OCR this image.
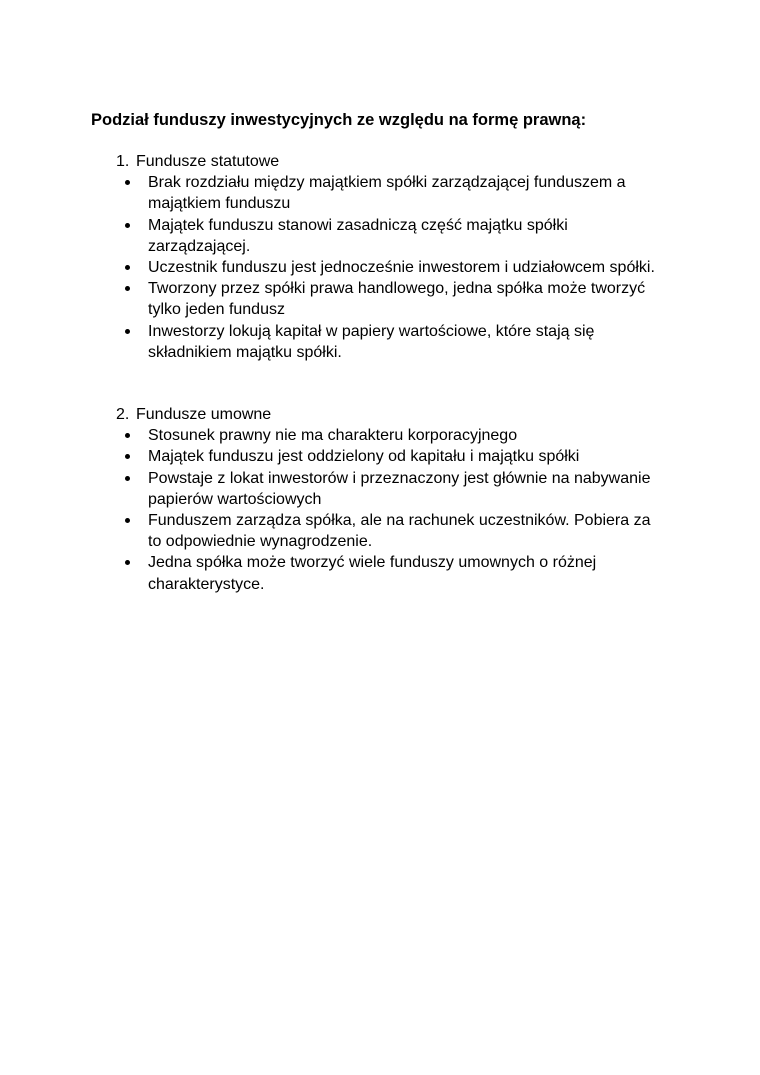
Podział funduszy inwestycyjnych ze względu na formę prawną:
1. Fundusze statutowe
Brak rozdziału między majątkiem spółki zarządzającej funduszem a majątkiem funduszu
Majątek funduszu stanowi zasadniczą część majątku spółki zarządzającej.
Uczestnik funduszu jest jednocześnie inwestorem i udziałowcem spółki.
Tworzony przez spółki prawa handlowego, jedna spółka może tworzyć tylko jeden fundusz
Inwestorzy lokują kapitał w papiery wartościowe, które stają się składnikiem majątku spółki.
2. Fundusze umowne
Stosunek prawny nie ma charakteru korporacyjnego
Majątek funduszu jest oddzielony od kapitału i majątku spółki
Powstaje z lokat inwestorów i przeznaczony jest głównie na nabywanie papierów wartościowych
Funduszem zarządza spółka, ale na rachunek uczestników. Pobiera za to odpowiednie wynagrodzenie.
Jedna spółka może tworzyć wiele funduszy umownych o różnej charakterystyce.
